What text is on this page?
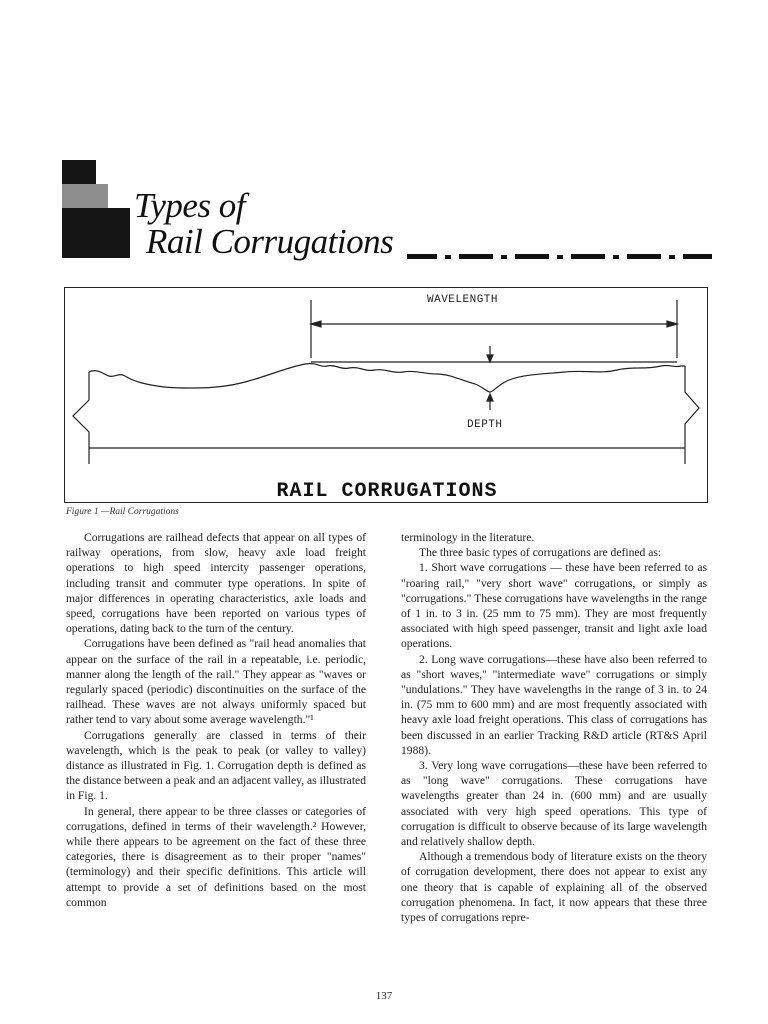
Types of
Rail Corrugations
WAVELENGTH
DEPTH
RAIL CORRUGATIONS
Figure 1 —Rail Corrugations

Corrugations are railhead defects that appear on all types of railway operations, from slow, heavy axle load freight operations to high speed intercity passenger operations, including transit and commuter type operations. In spite of major differences in operating characteristics, axle loads and speed, corrugations have been reported on various types of operations, dating back to the turn of the century.

Corrugations have been defined as "rail head anomalies that appear on the surface of the rail in a repeatable, i.e. periodic, manner along the length of the rail." They appear as "waves or regularly spaced (periodic) discontinuities on the surface of the railhead. These waves are not always uniformly spaced but rather tend to vary about some average wavelength."¹

Corrugations generally are classed in terms of their wavelength, which is the peak to peak (or valley to valley) distance as illustrated in Fig. 1. Corrugation depth is defined as the distance between a peak and an adjacent valley, as illustrated in Fig. 1.

In general, there appear to be three classes or categories of corrugations, defined in terms of their wavelength.² However, while there appears to be agreement on the fact of these three categories, there is disagreement as to their proper "names" (terminology) and their specific definitions. This article will attempt to provide a set of definitions based on the most common

terminology in the literature.

The three basic types of corrugations are defined as:

1. Short wave corrugations — these have been referred to as "roaring rail," "very short wave" corrugations, or simply as "corrugations." These corrugations have wavelengths in the range of 1 in. to 3 in. (25 mm to 75 mm). They are most frequently associated with high speed passenger, transit and light axle load operations.

2. Long wave corrugations—these have also been referred to as "short waves," "intermediate wave" corrugations or simply "undulations." They have wavelengths in the range of 3 in. to 24 in. (75 mm to 600 mm) and are most frequently associated with heavy axle load freight operations. This class of corrugations has been discussed in an earlier Tracking R&D article (RT&S April 1988).

3. Very long wave corrugations—these have been referred to as "long wave" corrugations. These corrugations have wavelengths greater than 24 in. (600 mm) and are usually associated with very high speed operations. This type of corrugation is difficult to observe because of its large wavelength and relatively shallow depth.

Although a tremendous body of literature exists on the theory of corrugation development, there does not appear to exist any one theory that is capable of explaining all of the observed corrugation phenomena. In fact, it now appears that these three types of corrugations repre-

137
